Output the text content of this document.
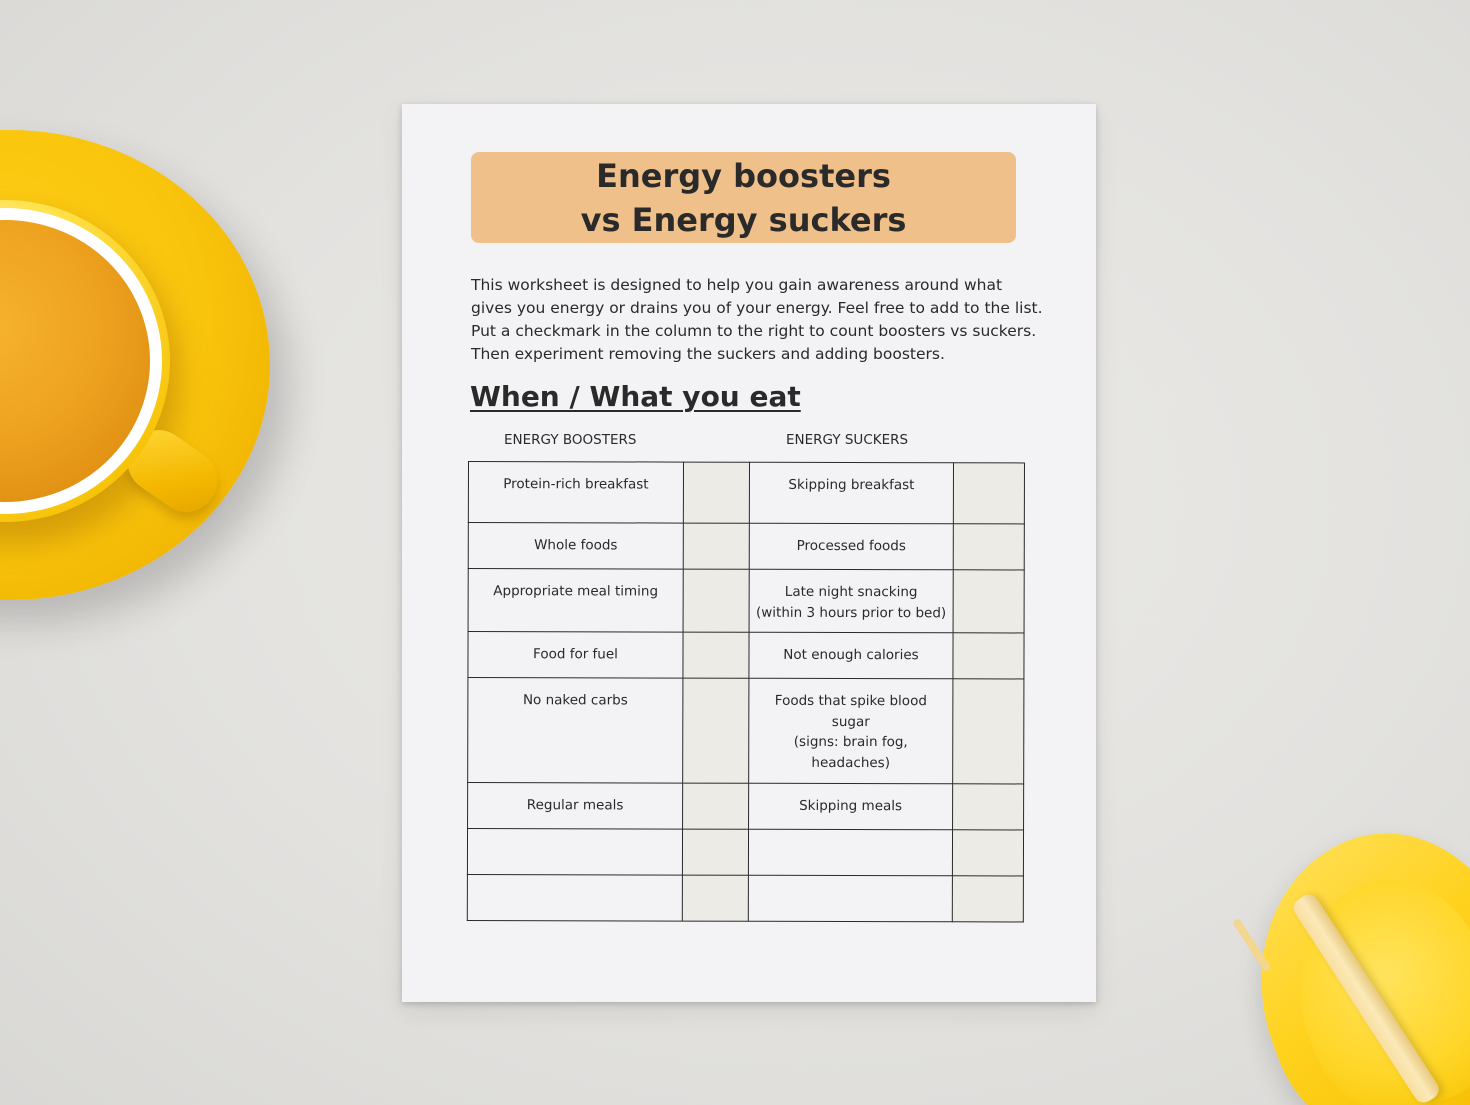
Energy boosters
vs Energy suckers
This worksheet is designed to help you gain awareness around what
gives you energy or drains you of your energy. Feel free to add to the list.
Put a checkmark in the column to the right to count boosters vs suckers.
Then experiment removing the suckers and adding boosters.
When / What you eat
ENERGY BOOSTERS	ENERGY SUCKERS
Protein-rich breakfast		Skipping breakfast	
Whole foods		Processed foods	
Appropriate meal timing		Late night snacking
(within 3 hours prior to bed)	
Food for fuel		Not enough calories	
No naked carbs		Foods that spike blood
sugar
(signs: brain fog,
headaches)	
Regular meals		Skipping meals	
